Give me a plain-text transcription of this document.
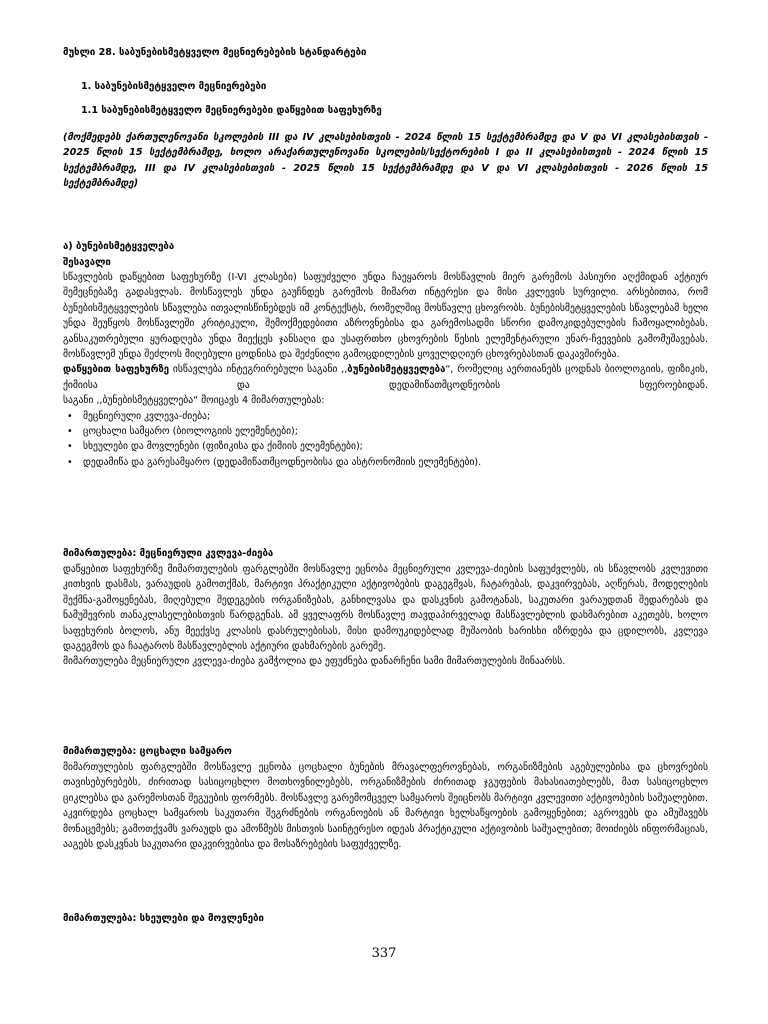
მუხლი 28. საბუნებისმეტყველო მეცნიერებების სტანდარტები
1. საბუნებისმეტყველო მეცნიერებები
1.1 საბუნებისმეტყველო მეცნიერებები დაწყებით საფეხურზე

(მოქმედებს ქართულენოვანი სკოლების III და IV კლასებისთვის - 2024 წლის 15 სექტემბრამდე და V და VI კლასებისთვის - 2025 წლის 15 სექტემბრამდე, ხოლო არაქართულენოვანი სკოლების/სექტორების I და II კლასებისთვის - 2024 წლის 15 სექტემბრამდე, III და IV კლასებისთვის - 2025 წლის 15 სექტემბრამდე და V და VI კლასებისთვის - 2026 წლის 15 სექტემბრამდე)

ა) ბუნებისმეტყველება
შესავალი

სწავლების დაწყებით საფეხურზე (I-VI კლასები) საფუძველი უნდა ჩაეყაროს მოსწავლის მიერ გარემოს პასიური აღქმიდან აქტიურ შემეცნებაზე გადასვლას. მოსწავლეს უნდა გაუჩნდეს გარემოს მიმართ ინტერესი და მისი კვლევის სურვილი. არსებითია, რომ ბუნებისმეტყველების სწავლება ითვალისწინებდეს იმ კონტექსტს, რომელშიც მოსწავლე ცხოვრობს. ბუნებისმეტყველების სწავლებამ ხელი უნდა შეუწყოს მოსწავლეში კრიტიკული, შემოქმედებითი აზროვნებისა და გარემოსადმი სწორი დამოკიდებულების ჩამოყალიბებას. განსაკუთრებული ყურადღება უნდა მიექცეს ჯანსაღი და უსაფრთხო ცხოვრების წესის ელემენტარული უნარ-ჩვევების გამომუშავებას. მოსწავლემ უნდა შეძლოს მიღებული ცოდნისა და შეძენილი გამოცდილების ყოველდღიურ ცხოვრებასთან დაკავშირება.

დაწყებით საფეხურზე ისწავლება ინტეგრირებული საგანი ,,ბუნებისმეტყველება“, რომელიც აერთიანებს ცოდნას ბიოლოგიის, ფიზიკის, ქიმიისა და დედამიწათმცოდნეობის სფეროებიდან.

საგანი ,,ბუნებისმეტყველება“ მოიცავს 4 მიმართულებას:

• მეცნიერული კვლევა-ძიება;
• ცოცხალი სამყარო (ბიოლოგიის ელემენტები);
• სხეულები და მოვლენები (ფიზიკისა და ქიმიის ელემენტები);
• დედამიწა და გარესამყარო (დედამიწათმცოდნეობისა და ასტრონომიის ელემენტები).
მიმართულება: მეცნიერული კვლევა-ძიება

დაწყებით საფეხურზე მიმართულების ფარგლებში მოსწავლე ეცნობა მეცნიერული კვლევა-ძიების საფუძვლებს, ის სწავლობს კვლევითი კითხვის დასმას, ვარაუდის გამოთქმას, მარტივი პრაქტიკული აქტივობების დაგეგმვას, ჩატარებას, დაკვირვებას, აღწერას, მოდელების შექმნა-გამოყენებას, მიღებული შედეგების ორგანიზებას, განხილვასა და დასკვნის გამოტანას, საკუთარი ვარაუდთან შედარებას და ნამუშევრის თანაკლასელებისთვის წარდგენას. ამ ყველაფრს მოსწავლე თავდაპირველად მასწავლებლის დახმარებით აკეთებს, ხოლო საფეხურის ბოლოს, ანუ მეექვსე კლასის დასრულებისას, მისი დამოუკიდებლად მუშაობის ხარისხი იზრდება და ცდილობს, კვლევა დაგეგმოს და ჩაატაროს მასწავლებლის აქტიური დახმარების გარეშე.

მიმართულება მეცნიერული კვლევა-ძიება გამჭოლია და ეფუძნება დანარჩენი სამი მიმართულების შინაარსს.

მიმართულება: ცოცხალი სამყარო

მიმართულების ფარგლებში მოსწავლე ეცნობა ცოცხალი ბუნების მრავალფეროვნებას, ორგანიზმების აგებულებისა და ცხოვრების თავისებურებებს, ძირითად სასიცოცხლო მოთხოვნილებებს, ორგანიზმების ძირითად ჯგუფების მახასიათებლებს, მათ სასიცოცხლო ციკლებსა და გარემოსთან შეგუების ფორმებს. მოსწავლე გარემომცველ სამყაროს შეიცნობს მარტივი კვლევითი აქტივობების საშუალებით. აკვირდება ცოცხალ სამყაროს საკუთარი შეგრძნების ორგანოების ან მარტივი ხელსაწყოების გამოყენებით; აგროვებს და ამუშავებს მონაცემებს; გამოთქვამს ვარაუდს და ამოწმებს მისთვის საინტერესო იდეას პრაქტიკული აქტივობის საშუალებით; მოიძიებს ინფორმაციას, ააგებს დასკვნას საკუთარი დაკვირვებისა და მოსაზრებების საფუძველზე.

მიმართულება: სხეულები და მოვლენები
337
